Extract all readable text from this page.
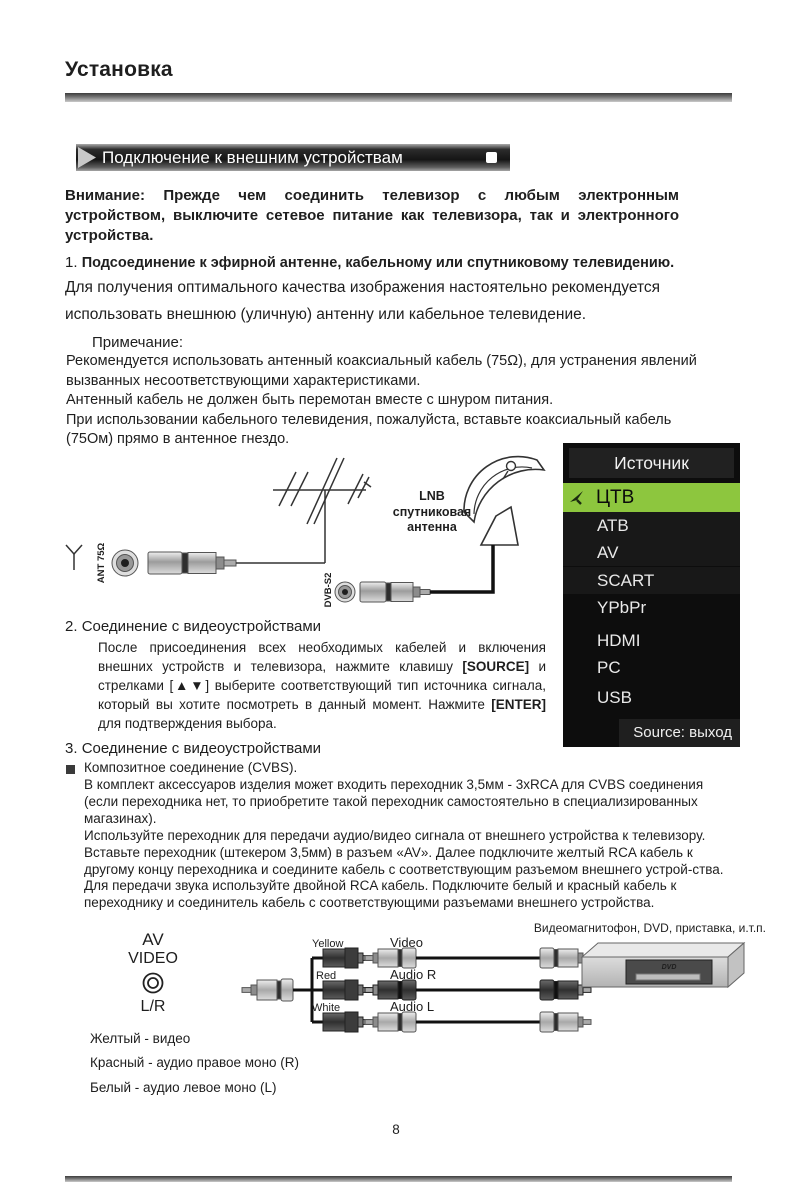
Установка
Подключение к внешним устройствам

Внимание: Прежде чем соединить телевизор с любым электронным устройством, выключите сетевое питание как телевизора, так и электронного устройства.

1. Подсоединение к эфирной антенне, кабельному или спутниковому телевидению.
Для получения оптимального качества изображения настоятельно рекомендуется использовать внешнюю (уличную) антенну или кабельное телевидение.
Примечание:
Рекомендуется использовать антенный коаксиальный кабель (75Ω), для устранения явлений вызванных несоответствующими характеристиками.
Антенный кабель не должен быть перемотан вместе с шнуром питания.
При использовании кабельного телевидения, пожалуйста, вставьте коаксиальный кабель (75Ом) прямо в антенное гнездо.
ANT 75Ω
LNB
спутниковая
антенна
DVB-S2
Источник
ЦТВ
АТВ
AV
SCART
YPbPr
HDMI
PC
USB
Source: выход
2. Соединение с видеоустройствами

После присоединения всех необходимых кабелей и включения внешних устройств и телевизора, нажмите клавишу [SOURCE] и стрелками [▲▼] выберите соответствующий тип источника сигнала, который вы хотите посмотреть в данный момент. Нажмите [ENTER] для подтверждения выбора.

3. Соединение с видеоустройствами
Композитное соединение (CVBS).
В комплект аксессуаров изделия может входить переходник 3,5мм - 3xRCA для CVBS соединения (если переходника нет, то приобретите такой переходник самостоятельно в специализированных магазинах).
Используйте переходник для передачи аудио/видео сигнала от внешнего устройства к телевизору. Вставьте переходник (штекером 3,5мм) в разъем «AV». Далее подключите желтый RCA кабель к другому концу переходника и соедините кабель с соответствующим разъемом внешнего устрой-ства. Для передачи звука используйте двойной RCA кабель. Подключите белый и красный кабель к переходнику и соединитель кабель с соответствующими разъемами внешнего устройства.
Видеомагнитофон, DVD, приставка, и.т.п.
AV
VIDEO
L/R
Yellow	Video
Red	Audio R
White	Audio L
DVD
Желтый - видео
Красный - аудио правое моно (R)
Белый - аудио левое моно (L)
8
